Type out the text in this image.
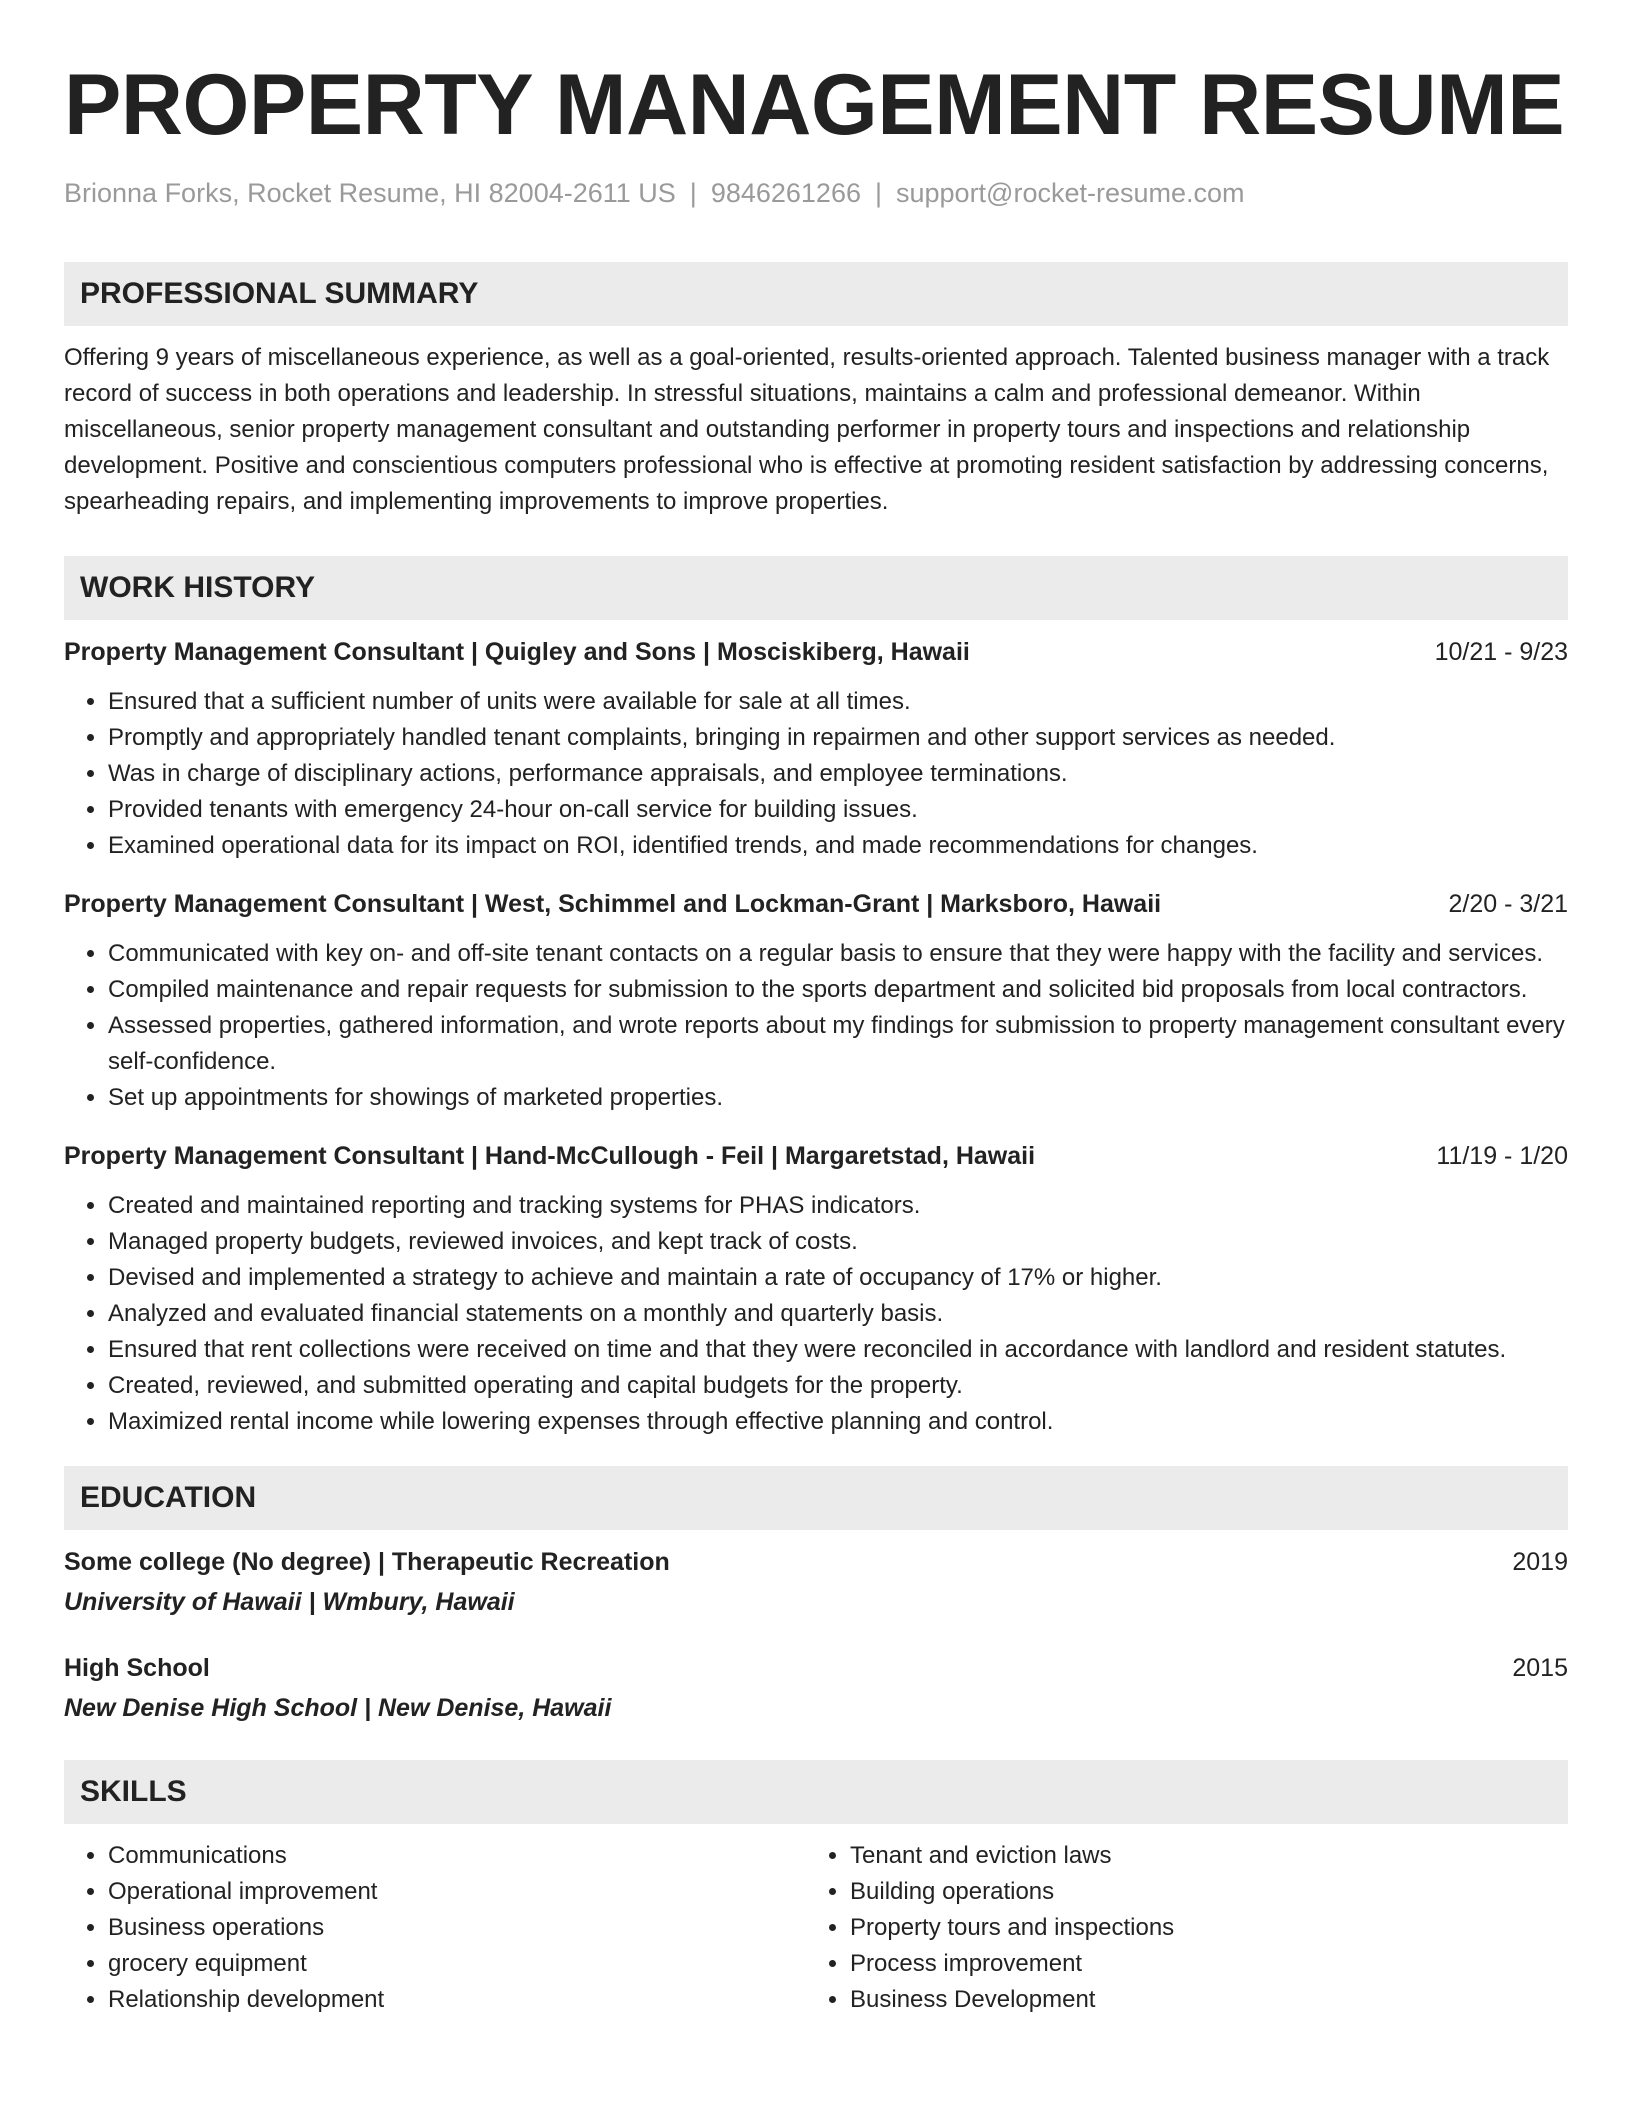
PROPERTY MANAGEMENT RESUME
Brionna Forks, Rocket Resume, HI 82004-2611 US | 9846261266 | support@rocket-resume.com
PROFESSIONAL SUMMARY

Offering 9 years of miscellaneous experience, as well as a goal-oriented, results-oriented approach. Talented business manager with a track record of success in both operations and leadership. In stressful situations, maintains a calm and professional demeanor. Within miscellaneous, senior property management consultant and outstanding performer in property tours and inspections and relationship development. Positive and conscientious computers professional who is effective at promoting resident satisfaction by addressing concerns, spearheading repairs, and implementing improvements to improve properties.

WORK HISTORY
Property Management Consultant | Quigley and Sons | Mosciskiberg, Hawaii	10/21 - 9/23
• Ensured that a sufficient number of units were available for sale at all times.
• Promptly and appropriately handled tenant complaints, bringing in repairmen and other support services as needed.
• Was in charge of disciplinary actions, performance appraisals, and employee terminations.
• Provided tenants with emergency 24-hour on-call service for building issues.
• Examined operational data for its impact on ROI, identified trends, and made recommendations for changes.
Property Management Consultant | West, Schimmel and Lockman-Grant | Marksboro, Hawaii	2/20 - 3/21
• Communicated with key on- and off-site tenant contacts on a regular basis to ensure that they were happy with the facility and services.
• Compiled maintenance and repair requests for submission to the sports department and solicited bid proposals from local contractors.
• Assessed properties, gathered information, and wrote reports about my findings for submission to property management consultant every self-confidence.
• Set up appointments for showings of marketed properties.
Property Management Consultant | Hand-McCullough - Feil | Margaretstad, Hawaii	11/19 - 1/20
• Created and maintained reporting and tracking systems for PHAS indicators.
• Managed property budgets, reviewed invoices, and kept track of costs.
• Devised and implemented a strategy to achieve and maintain a rate of occupancy of 17% or higher.
• Analyzed and evaluated financial statements on a monthly and quarterly basis.
• Ensured that rent collections were received on time and that they were reconciled in accordance with landlord and resident statutes.
• Created, reviewed, and submitted operating and capital budgets for the property.
• Maximized rental income while lowering expenses through effective planning and control.
EDUCATION
Some college (No degree) | Therapeutic Recreation	2019
University of Hawaii | Wmbury, Hawaii
High School	2015
New Denise High School | New Denise, Hawaii
SKILLS
• Communications
• Operational improvement
• Business operations
• grocery equipment
• Relationship development
• Tenant and eviction laws
• Building operations
• Property tours and inspections
• Process improvement
• Business Development
